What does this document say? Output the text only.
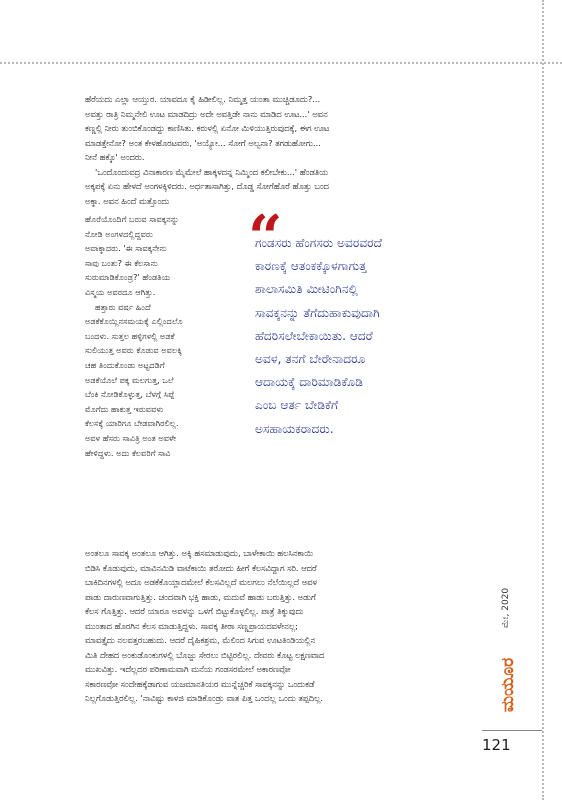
ಹೆರೆಯದು ಎಲ್ಲಾ ಆಯ್ತುರ. ಯಾವದೂ ಕೈ ಹಿಡೀಲಿಲ್ಲ. ನಿಮ್ಮತ್ತ ಯಂತಾ ಮುಚ್ಚಿಡೂದು?...
ಅವತ್ತು ರಾತ್ರಿ ನಿಮ್ಮನೇಲಿ ಊಟ ಮಾಡದಿದ್ರು ಅದೇ ಅವತ್ತಿಡೇ ನಾನು ಮಾಡಿದ ಊಟ...' ಅವನ
ಕಣ್ಣಲ್ಲಿ ನೀರು ತುಂಬಿಕೊಂಡದ್ದು ಕಾಣಿಸಿತು. ಕರುಳಲ್ಲಿ ಏನೋ ಮಿಳಿಯುತ್ತಿರುವುದಕ್ಕೆ, ಈಗ ಊಟ
ಮಾಡತ್ತೇನೋ? ಅಂತ ಕೇಳಹೊರಟವರು, 'ಅಯ್ಯೋ... ಸೋಗೆ ಅಲ್ವನಾ? ತಗಡುಹೋಗು...
ನೀನೆ ಹಕ್ಕೊ' ಅಂದರು.

'ಒಂದೊಂದುವದ್ರ ವಿನಾಕಾರಣ ಮೈಮೇಲೆ ಹಾಕ್ಕಳದನ್ನ ನಿಮ್ಮಿಂದ ಕಲೀಬೇಕು...' ಹೆಂಡತಿಯ

ಅಕ್ಕಪಕ್ಕೆ ಏನು ಹೇಳದೆ ಅಂಗಳಕ್ಕಿಳಿದರು. ಅರ್ಧತಾಸಾಗಿತ್ತು, ದೊಡ್ಡ ಸೋಗೆಹೊರೆ ಹೊತ್ತು ಬಂದ
ಅಕ್ಕಾ. ಅವನ ಹಿಂದೆ ಮತ್ತೊಂದು

ಹೊರೆಯೊಂದಿಗೆ ಬರುವ ಸಾವಕ್ಕನನ್ನು
ನೋಡಿ ಅಂಗಳದಲ್ಲಿದ್ದವರು
ಅವಾಕ್ಕಾದರು. 'ಈ ಸಾವಕ್ಕನೇನು
ಸಾವು ಬಂತು? ಈ ಕೆಲಸಾನು
ಸುರುಮಾಡಿಕೊಂಡ್ರ?' ಹೆಂಡತಿಯ
ವಿಸ್ಮಯ ಅವರದೂ ಆಗಿತ್ತು.
ಹತ್ತಾರು ವರ್ಷ ಹಿಂದೆ
ಅಡಕೆಕೊಯ್ಲಿನಸಮಯಕ್ಕೆ ಎಲ್ಲಿಂದಲೊ
ಬಂದಳು. ಸುತ್ತಲ ಹಳ್ಳಿಗಳಲ್ಲಿ ಅಡಕೆ
ಸುಲಿಯುತ್ತ ಅವರು ಕೊಡುವ ಅವಲಕ್ಕಿ
ಚಹ ತಿಂದುಕೊಂಡು ಅಟ್ಟದಡಿಗೆ
ಅಡಕೆಯೊಲೆ ಪಕ್ಕ ಮಲಗುತ್ತ, ಒಲೆ
ಬೆಂಕಿ ನೋಡಿಕೊಳ್ಳುತ್ತ, ಬೆಳಗ್ಗೆ ಸಿಪ್ಪೆ
ಮೊಗೆದು ಹಾಕುತ್ತ ಇರುವವಳು
ಕೆಲಸಕ್ಕೆ ಯಾರಿಗೂ ಬೇಡವಾಗಿರಲಿಲ್ಲ.
ಅವಳ ಹೆಸರು ಸಾವಿತ್ರಿ ಅಂತ ಅವಳೇ
ಹೇಳಿದ್ದಳು. ಅದು ಕೆಲವರಿಗೆ ಸಾವಿ

“
ಗಂಡಸರು ಹೆಂಗಸರು ಅವರವರದೆ
ಕಾರಣಕ್ಕೆ ಆತಂಕಕ್ಕೊಳಗಾಗುತ್ತ
ಶಾಲಾಸಮಿತಿ ಮೀಟಿಂಗಿನಲ್ಲಿ
ಸಾವಕ್ಕನನ್ನು ತೆಗೆದುಹಾಕುವುದಾಗಿ
ಹೆದರಿಸಲೇಬೇಕಾಯಿತು. ಆದರೆ
ಅವಳ, ತನಗೆ ಬೇರೇನಾದರೂ
ಆದಾಯಕ್ಕೆ ದಾರಿಮಾಡಿಕೊಡಿ
ಎಂಬ ಆರ್ತ ಬೇಡಿಕೆಗೆ
ಅಸಹಾಯಕರಾದರು.

ಅಂತಲೂ ಸಾವಕ್ಕ ಅಂತಲೂ ಆಗಿತ್ತು. ಅಕ್ಕಿ ಹಸಮಾಡುವುದು, ಬಾಳೇಕಾಯಿ ಹಲಸಿನಕಾಯಿ
ಬಿಡಿಸಿ ಕೊಡುವುದು, ಮಾವಿನಮಿಡಿ ವಾಟೆಕಾಯಿ ತರೋದು ಹೀಗೆ ಕೆಲಸವಿದ್ದಾಗ ಸರಿ. ಆದರೆ
ಬಾಕಿದಿನಗಳಲ್ಲಿ ಅದೂ ಅಡಕೆಕೊಯ್ಲಾದಮೇಲೆ ಕೆಲಸವಿಲ್ಲದೆ ಮಲಗಲು ನೆಲೆಯಿಲ್ಲದೆ ಅವಳ
ಪಾಡು ದಾರುಣವಾಗುತ್ತಿತ್ತು. ಚಂದವಾಗಿ ಭಕ್ತಿ ಹಾಡು, ಮದುವೆ ಹಾಡು ಬರುತ್ತಿತ್ತು. ಅಡುಗೆ
ಕೆಲಸ ಗೊತ್ತಿತ್ತು. ಆದರೆ ಯಾರೂ ಅವಳನ್ನು ಒಳಗೆ ಬಿಟ್ಟುಕೊಳ್ಳಲಿಲ್ಲ. ಪಾತ್ರೆ ತಿಕ್ಕುವುದು
ಮುಂತಾದ ಹೊರಗಿನ ಕೆಲಸ ಮಾಡುತ್ತಿದ್ದಳು. ಸಾವಕ್ಕ ತೀರಾ ಸಣ್ಣಪ್ರಾಯದವಳೇನಲ್ಲ;
ಮಾವತ್ತೈದು ನಲವತ್ತರಬಹುದು. ಆದರೆ ದೈಹಿಕಶ್ರಮ, ಮೆಲಿಂದ ಸಿಗುವ ಊಟತಿಂಡಿಯಲ್ಲಿನ
ಮಿತಿ ದೇಹದ ಅಂಕುಡೊಂಕುಗಳಲ್ಲಿ ಬೊಜ್ಜು ಸೇರಲು ಬಿಟ್ಟಿರಲಿಲ್ಲ. ದೇವರು ಕೊಟ್ಟ ಲಕ್ಷಣವಾದ
ಮುಖವಿತ್ತು. ಇದೆಲ್ಲದರ ಪರಿಣಾಮವಾಗಿ ಮನೆಯ ಗಂಡಸರಮೇಲೆ ಅಕಾರಣವೋ
ಸಕಾರಣವೋ ಸಂದೇಹಕ್ಕೆಡಾಗುವ ಯಜಮಾನತಿಯರ ಮುನ್ನೆಚ್ಚರಿಕೆ ಸಾವಕ್ಕನನ್ನು ಒಂದುಕಡೆ
ನಿಲ್ಲಗೊಡುತ್ತಿರಲಿಲ್ಲ. 'ನಾವಿಷ್ಟು ಕಾಳಜಿ ಮಾಡಿಕೊಂಡ್ರು ವಾತ ಪಿತ್ತ ಒಂದಲ್ಲ ಒಂದು ತಪ್ಪದಿಲ್ಲ.

ಮೇ, 2020
ಮಯೂರ
121
